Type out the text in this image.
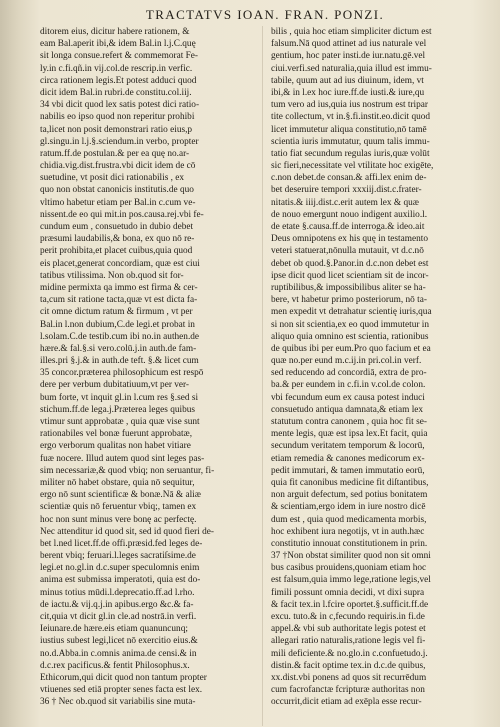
TRACTATVS IOAN. FRAN. PONZI.
ditorem eius, dicitur habere rationem, &
eam Bal.aperit ibi,& idem Bal.in l.j.C.quę
sit longa consue.refert & commemorat Fe-
ly.in c.fi.qñ.in vij.col.de rescrip.in verfic.
circa rationem legis.Et potest adduci quod
dicit idem Bal.in rubri.de constitu.col.iij.
34 vbi dicit quod lex satis potest dici ratio-
nabilis eo ipso quod non reperitur prohibi
ta,licet non posit demonstrari ratio eius,p
gl.singu.in l.j.§.sciendum.in verbo, propter
ratum.ff.de postulan.& per ea quę no.ar-
chidia.vig.dist.frustra.vbi dicit idem de cō
suetudine, vt posit dici rationabilis , ex
quo non obstat canonicis institutis.de quo
vltimo habetur etiam per Bal.in c.cum ve-
nissent.de eo qui mit.in pos.causa.rej.vbi fe-
cundum eum , consuetudo in dubio debet
præsumi laudabilis,& bona, ex quo nō re-
perit prohibita,et placet cuibus,quia quod
eis placet,generat concordiam, quæ est ciui
tatibus vtilissima. Non ob.quod sit for-
midine permixta qa immo est firma & cer-
ta,cum sit ratione tacta,quæ vt est dicta fa-
cit omne dictum ratum & firmum , vt per
Bal.in l.non dubium,C.de legi.et probat in
l.solam.C.de testib.cum ibi no.in authen.de
hære.& fal.§.si vero.colū.j.in auth.de fam-
illes.pri §.j.& in auth.de teft. §.& licet cum
35 concor.præterea philosophicum est respō
dere per verbum dubitatiuum,vt per ver-
bum forte, vt inquit gl.in l.cum res §.sed si
stichum.ff.de lega.j.Præterea leges quibus
vtimur sunt approbatæ , quia quæ vise sunt
rationabiles vel bonæ fuerunt approbatæ,
ergo verborum qualitas non habet vitiare
fuæ nocere. Illud autem quod sint leges pas-
sim necessariæ,& quod vbiq; non seruantur, fi-
militer nō habet obstare, quia nō sequitur,
ergo nō sunt scientificæ & bonæ.Nā & aliæ
scientiæ quis nō feruentur vbiq;, tamen ex
hoc non sunt minus vere bonę ac perfectę.
Nec attenditur id quod sit, sed id quod fieri de-
bet l.ned licet.ff.de offi.præsid.fed leges de-
berent vbiq; feruari.l.leges sacratiſsime.de
legi.et no.gl.in d.c.super speculomnis enim
anima est submissa imperatoti, quia est do-
minus totius mūdi.l.deprecatio.ff.ad l.rho.
de iactu.& vij.q.j.in apibus.ergo &c.& fa-
cit,quia vt dicit gl.in cle.ad nostrā.in verfi.
Ieiunare.de hære.eis etiam quanuncunq;
iustius subest legi,licet nō exercitio eius.&
no.d.Abba.in c.omnis anima.de censi.& in
d.c.rex pacificus.& fentit Philosophus.x.
Ethicorum,qui dicit quod non tantum propter
vtiuenes sed etiā propter senes facta est lex.
36 † Nec ob.quod sit variabilis sine muta-
bilis , quia hoc etiam simpliciter dictum est
falsum.Nā quod attinet ad ius naturale vel
gentium, hoc pater insti.de iur.natu.gē.vel
ciui.verfi.sed naturalia,quia illud est immu-
tabile, quum aut ad ius diuinum, idem, vt
ibi,& in l.ex hoc iure.ff.de iusti.& iure,qu
tum vero ad ius,quia ius nostrum est tripar
tite collectum, vt in.§.fi.instit.eo.dicit quod
licet immutetur aliqua constitutio,nō tamē
scientia iuris immutatur, quum talis immu-
tatio fiat secundum regulas iuris,quæ volūt
sic fieri,necessitate vel vtilitate hoc exigēte,
c.non debet.de consan.& affi.lex enim de-
bet deseruire tempori xxxiij.dist.c.frater-
nitatis.& iiij.dist.c.erit autem lex & quæ
de nouo emergunt nouo indigent auxilio.l.
de etate §.causa.ff.de interroga.& ideo.ait
Deus omnipotens ex his quę in testamento
veteri statuerat,nōnulla mutauit, vt d.c.nō
debet ob quod.§.Panor.in d.c.non debet est
ipse dicit quod licet scientiam sit de incor-
ruptibilibus,& impossibilibus aliter se ha-
bere, vt habetur primo posteriorum, nō ta-
men expedit vt detrahatur scientię iuris,qua
si non sit scientia,ex eo quod immutetur in
aliquo quia omnino est scientia, rationibus
de quibus ibi per eum.Pro quo facium et ea
quæ no.per eund m.c.ij.in pri.col.in verf.
sed reducendo ad concordiā, extra de pro-
ba.& per eundem in c.fi.in v.col.de colon.
vbi fecundum eum ex causa potest induci
consuetudo antiqua damnata,& etiam lex
statutum contra canonem , quia hoc fit se-
mente legis, quæ est ipsa lex.Et facit, quia
secundum veritatem temporum & locorū,
etiam remedia & canones medicorum ex-
pedit immutari, & tamen immutatio eorū,
quia fit canonibus medicine fit diſtantibus,
non arguit defectum, sed potius bonitatem
& scientiam,ergo idem in iure nostro dicē
dum est , quia quod medicamenta morbis,
hoc exhibent iura negotijs, vt in auth.hæc
constitutio innouat constitutionem in prin.
37 †Non obstat similiter quod non sit omni
bus casibus prouidens,quoniam etiam hoc
est falsum,quia immo lege,ratione legis,vel
fimili possunt omnia decidi, vt dixi supra
& facit tex.in l.fcire oportet.§.sufficit.ff.de
excu. tuto.& in c,fecundo requiris.in fi.de
appel.& vbi sub authoritate legis potest et
allegari ratio naturalis,ratione legis vel fi-
mili deficiente.& no.glo.in c.confuetudo.j.
distin.& facit optime tex.in d.c.de quibus,
xx.dist.vbi ponens ad quos sit recurrēdum
cum facrofanctæ fcripturæ authoritas non
occurrit,dicit etiam ad exēpla esse recur-
